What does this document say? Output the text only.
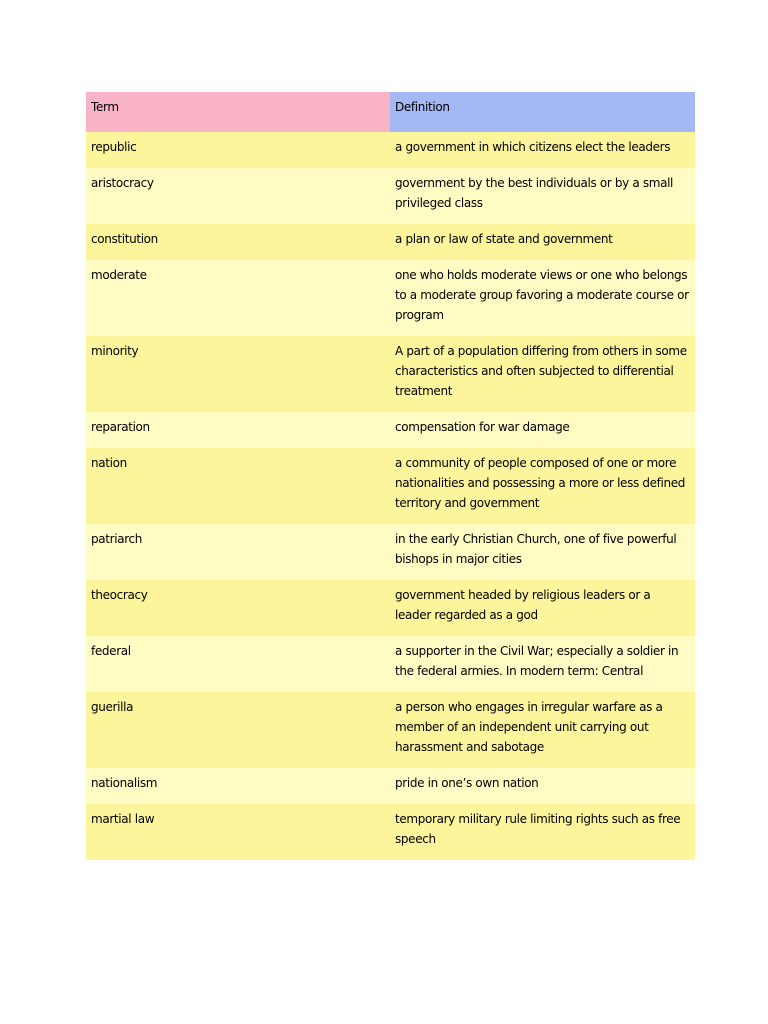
Term	Definition
republic	a government in which citizens elect the leaders
aristocracy	government by the best individuals or by a small privileged class
constitution	a plan or law of state and government
moderate	one who holds moderate views or one who belongs to a moderate group favoring a moderate course or program
minority	A part of a population differing from others in some characteristics and often subjected to differential treatment
reparation	compensation for war damage
nation	a community of people composed of one or more nationalities and possessing a more or less defined territory and government
patriarch	in the early Christian Church, one of five powerful bishops in major cities
theocracy	government headed by religious leaders or a leader regarded as a god
federal	a supporter in the Civil War; especially a soldier in the federal armies. In modern term: Central
guerilla	a person who engages in irregular warfare as a member of an independent unit carrying out harassment and sabotage
nationalism	pride in one’s own nation
martial law	temporary military rule limiting rights such as free speech
